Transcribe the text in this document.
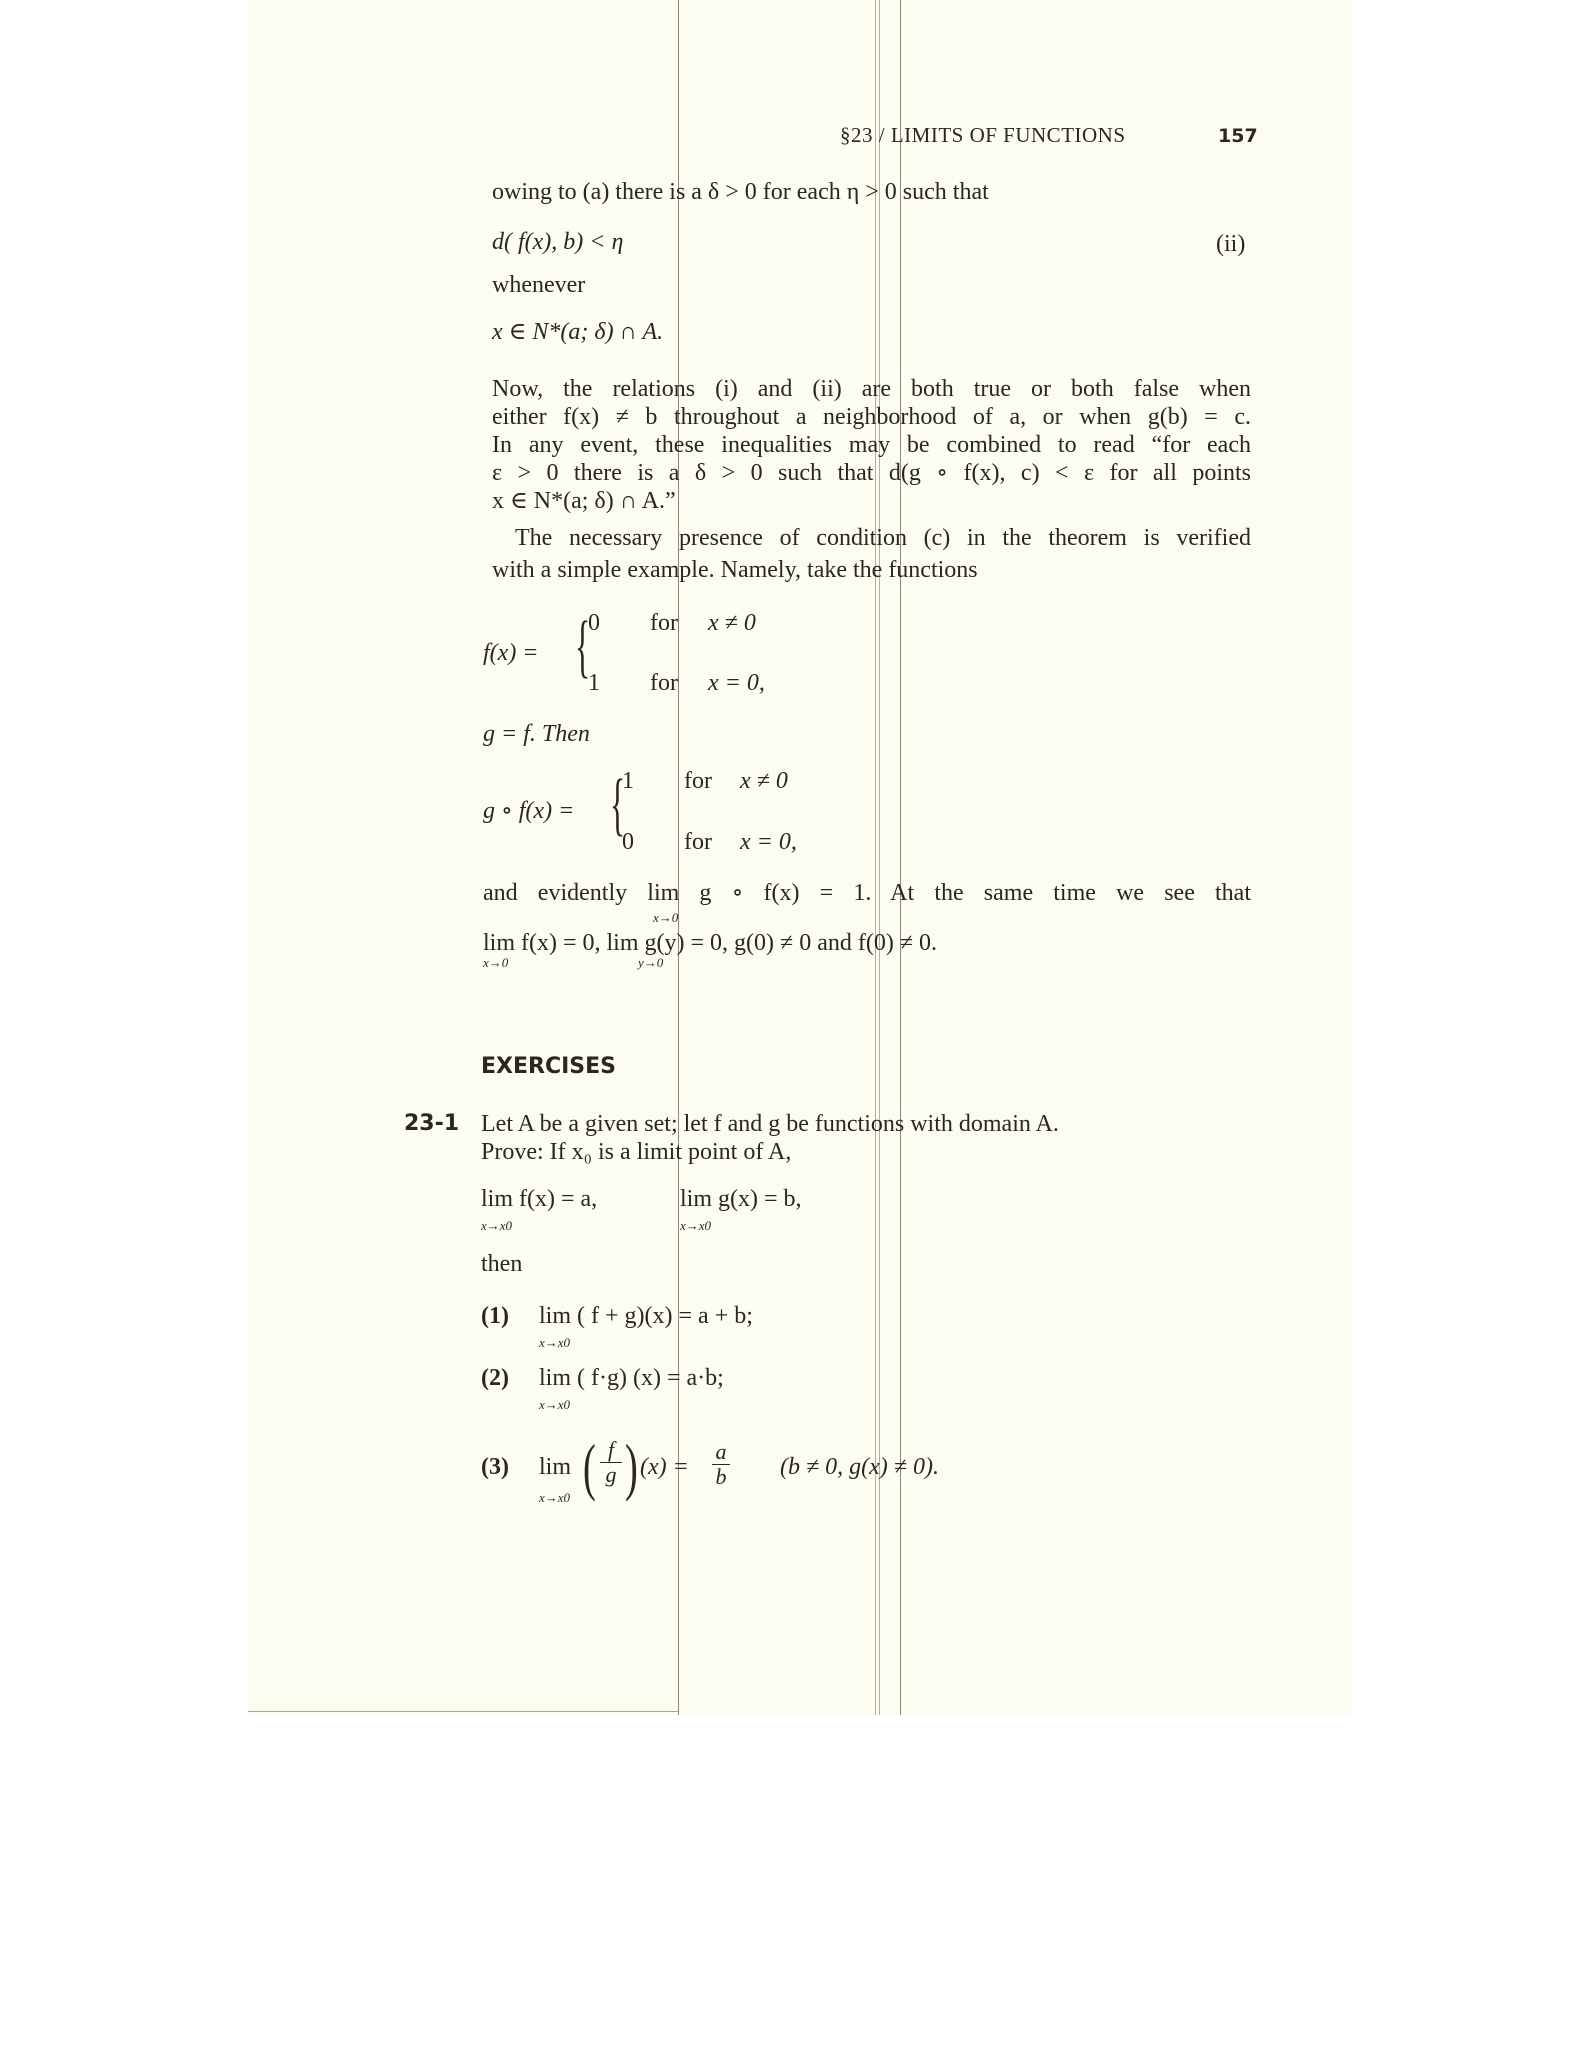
§23 / LIMITS OF FUNCTIONS	157
owing to (a) there is a δ > 0 for each η > 0 such that
d( f(x), b) < η	(ii)
whenever
x ∈ N*(a; δ) ∩ A.
Now, the relations (i) and (ii) are both true or both false when
either f(x) ≠ b throughout a neighborhood of a, or when g(b) = c.
In any event, these inequalities may be combined to read “for each
ε > 0 there is a δ > 0 such that d(g ∘ f(x), c) < ε for all points
x ∈ N*(a; δ) ∩ A.”
The necessary presence of condition (c) in the theorem is verified
with a simple example. Namely, take the functions
f(x) = {
0 for x ≠ 0
1 for x = 0,
g = f. Then
g ∘ f(x) = {
1 for x ≠ 0
0 for x = 0,
and evidently lim g ∘ f(x) = 1. At the same time we see that
x→0
lim f(x) = 0, lim g(y) = 0, g(0) ≠ 0 and f(0) ≠ 0.
x→0	y→0
EXERCISES
23-1 Let A be a given set; let f and g be functions with domain A.
Prove: If x₀ is a limit point of A,
lim f(x) = a,
x→x0
lim g(x) = b,
x→x0
then
(1) lim ( f + g)(x) = a + b;
x→x0
(2) lim ( f·g) (x) = a·b;
x→x0
(3) lim
x→x0 ( $\frac{f}{g}$ ) $(x) = \frac{a}{b} (b \ne 0$, g(x) ≠ 0).
